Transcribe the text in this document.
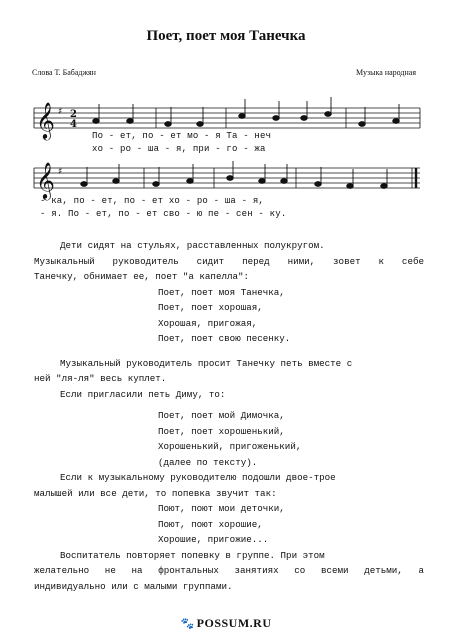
Поет, поет моя Танечка
Слова Т. Бабаджян	Музыка народная
𝄞 ♯ 2
4
𝄞 ♯
По - ет, по - ет мо - я Та - неч
хо - ро - ша - я, при - го - жа
- ка, по - ет, по - ет хо - ро - ша - я,
- я. По - ет, по - ет сво - ю пе - сен - ку.
Дети сидят на стульях, расставленных полукругом.
Музыкальный руководитель сидит перед ними, зовет к себе
Танечку, обнимает ее, поет "а капелла":
Поет, поет моя Танечка,
Поет, поет хорошая,
Хорошая, пригожая,
Поет, поет свою песенку.
Музыкальный руководитель просит Танечку петь вместе с
ней "ля-ля" весь куплет.
Если пригласили петь Диму, то:
Поет, поет мой Димочка,
Поет, поет хорошенький,
Хорошенький, пригоженький,
(далее по тексту).
Если к музыкальному руководителю подошли двое-трое
малышей или все дети, то попевка звучит так:
Поют, поют мои деточки,
Поют, поют хорошие,
Хорошие, пригожие...
Воспитатель повторяет попевку в группе. При этом
желательно не на фронтальных занятиях со всеми детьми, а
индивидуально или с малыми группами.
🐾 POSSUM.RU
